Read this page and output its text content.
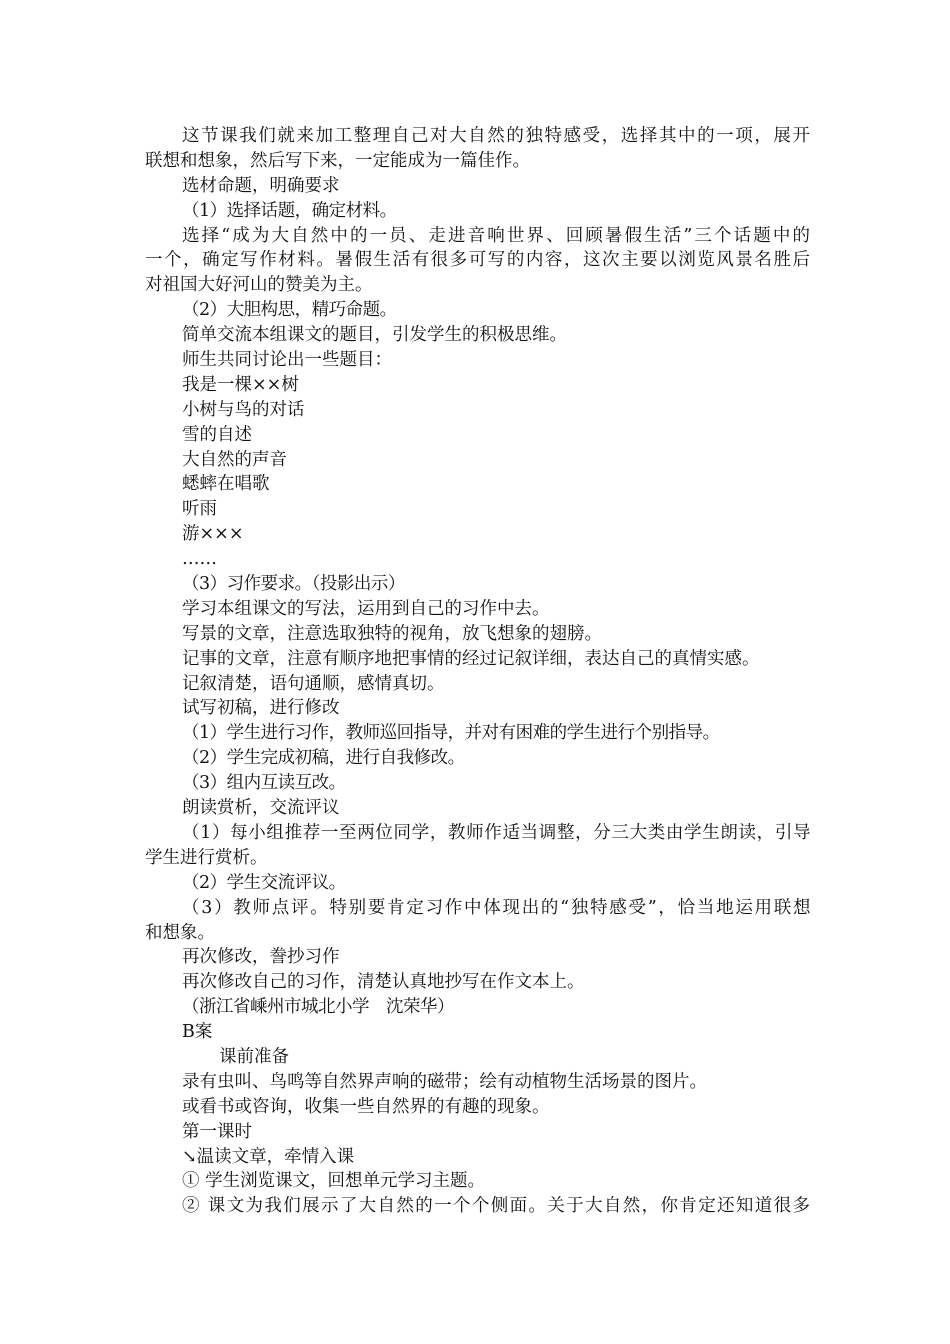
这节课我们就来加工整理自己对大自然的独特感受，选择其中的一项，展开
联想和想象，然后写下来，一定能成为一篇佳作。
选材命题，明确要求
（1）选择话题，确定材料。
选择“成为大自然中的一员、走进音响世界、回顾暑假生活”三个话题中的
一个，确定写作材料。暑假生活有很多可写的内容，这次主要以浏览风景名胜后
对祖国大好河山的赞美为主。
（2）大胆构思，精巧命题。
简单交流本组课文的题目，引发学生的积极思维。
师生共同讨论出一些题目：
我是一棵××树
小树与鸟的对话
雪的自述
大自然的声音
蟋蟀在唱歌
听雨
游×××
……
（3）习作要求。（投影出示）
学习本组课文的写法，运用到自己的习作中去。
写景的文章，注意选取独特的视角，放飞想象的翅膀。
记事的文章，注意有顺序地把事情的经过记叙详细，表达自己的真情实感。
记叙清楚，语句通顺，感情真切。
试写初稿，进行修改
（1）学生进行习作，教师巡回指导，并对有困难的学生进行个别指导。
（2）学生完成初稿，进行自我修改。
（3）组内互读互改。
朗读赏析，交流评议
（1）每小组推荐一至两位同学，教师作适当调整，分三大类由学生朗读，引导
学生进行赏析。
（2）学生交流评议。
（3）教师点评。特别要肯定习作中体现出的“独特感受”，恰当地运用联想
和想象。
再次修改，誊抄习作
再次修改自己的习作，清楚认真地抄写在作文本上。
（浙江省嵊州市城北小学　沈荣华）
B案
课前准备
录有虫叫、鸟鸣等自然界声响的磁带；绘有动植物生活场景的图片。
或看书或咨询，收集一些自然界的有趣的现象。
第一课时
↘温读文章，牵情入课
① 学生浏览课文，回想单元学习主题。
② 课文为我们展示了大自然的一个个侧面。关于大自然，你肯定还知道很多
